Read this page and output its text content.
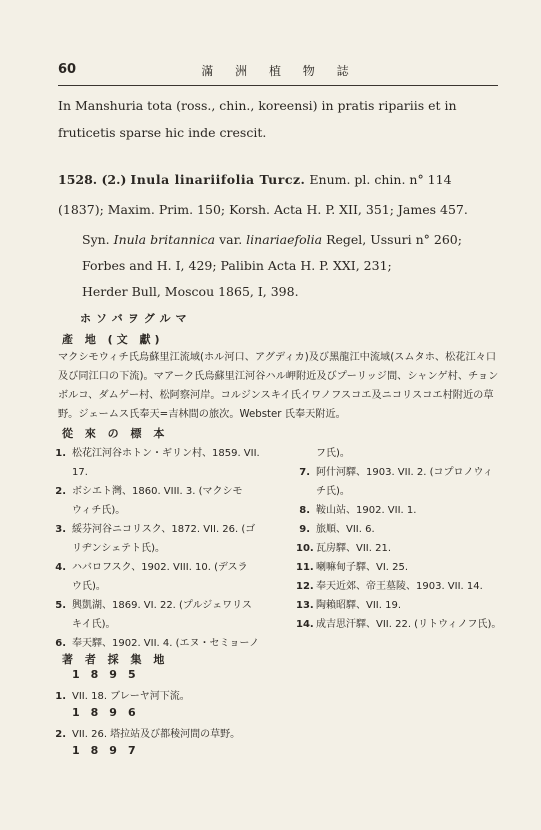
60	滿 洲 植 物 誌
In Manshuria tota (ross., chin., koreensi) in pratis ripariis et in fruticetis sparse hic inde crescit.
1528. (2.) Inula linariifolia Turcz. Enum. pl. chin. n° 114
(1837); Maxim. Prim. 150; Korsh. Acta H. P. XII, 351; James 457.
Syn. Inula britannica var. linariaefolia Regel, Ussuri n° 260;
Forbes and H. I, 429; Palibin Acta H. P. XXI, 231;
Herder Bull, Moscou 1865, I, 398.
ホソバヲグルマ
產 地 (文 獻)
マクシモウィチ氏烏蘇里江流域(ホル河口、アグディカ)及び黑龍江中流域(スムタホ、松花江々口及び同江口の下流)。マアーク氏烏蘇里江河谷ハル岬附近及びプーリッジ間、シャンゲ村、チョンボルコ、ダムゲー村、松阿察河岸。コルジンスキイ氏イワノフスコエ及ニコリスコエ村附近の草野。ジェームス氏奉天=吉林間の旅次。Webster 氏奉天附近。
從 來 の 標 本
1. 松花江河谷ホトン・ギリン村、1859. VII.
17.
2. ボシエト灣、1860. VIII. 3. (マクシモ
ウィチ氏)。
3. 綏芬河谷ニコリスク、1872. VII. 26. (ゴ
リヂンシェテト氏)。
4. ハバロフスク、1902. VIII. 10. (デスラ
ウ氏)。
5. 興凱湖、1869. VI. 22. (プルジェワリス
キイ氏)。
6. 奉天驛、1902. VII. 4. (エヌ・セミョーノ
フ氏)。
7. 阿什河驛、1903. VII. 2. (コプロノウィ
チ氏)。
8. 鞍山站、1902. VII. 1.
9. 旅順、VII. 6.
10. 瓦房驛、VII. 21.
11. 喇嘛甸子驛、VI. 25.
12. 奉天近郊、帝王墓陵、1903. VII. 14.
13. 陶賴昭驛、VII. 19.
14. 成吉思汗驛、VII. 22. (リトウィノフ氏)。
著 者 採 集 地
1895
1. VII. 18. ブレーヤ河下流。
1896
2. VII. 26. 塔拉站及び都稜河間の草野。
1897
